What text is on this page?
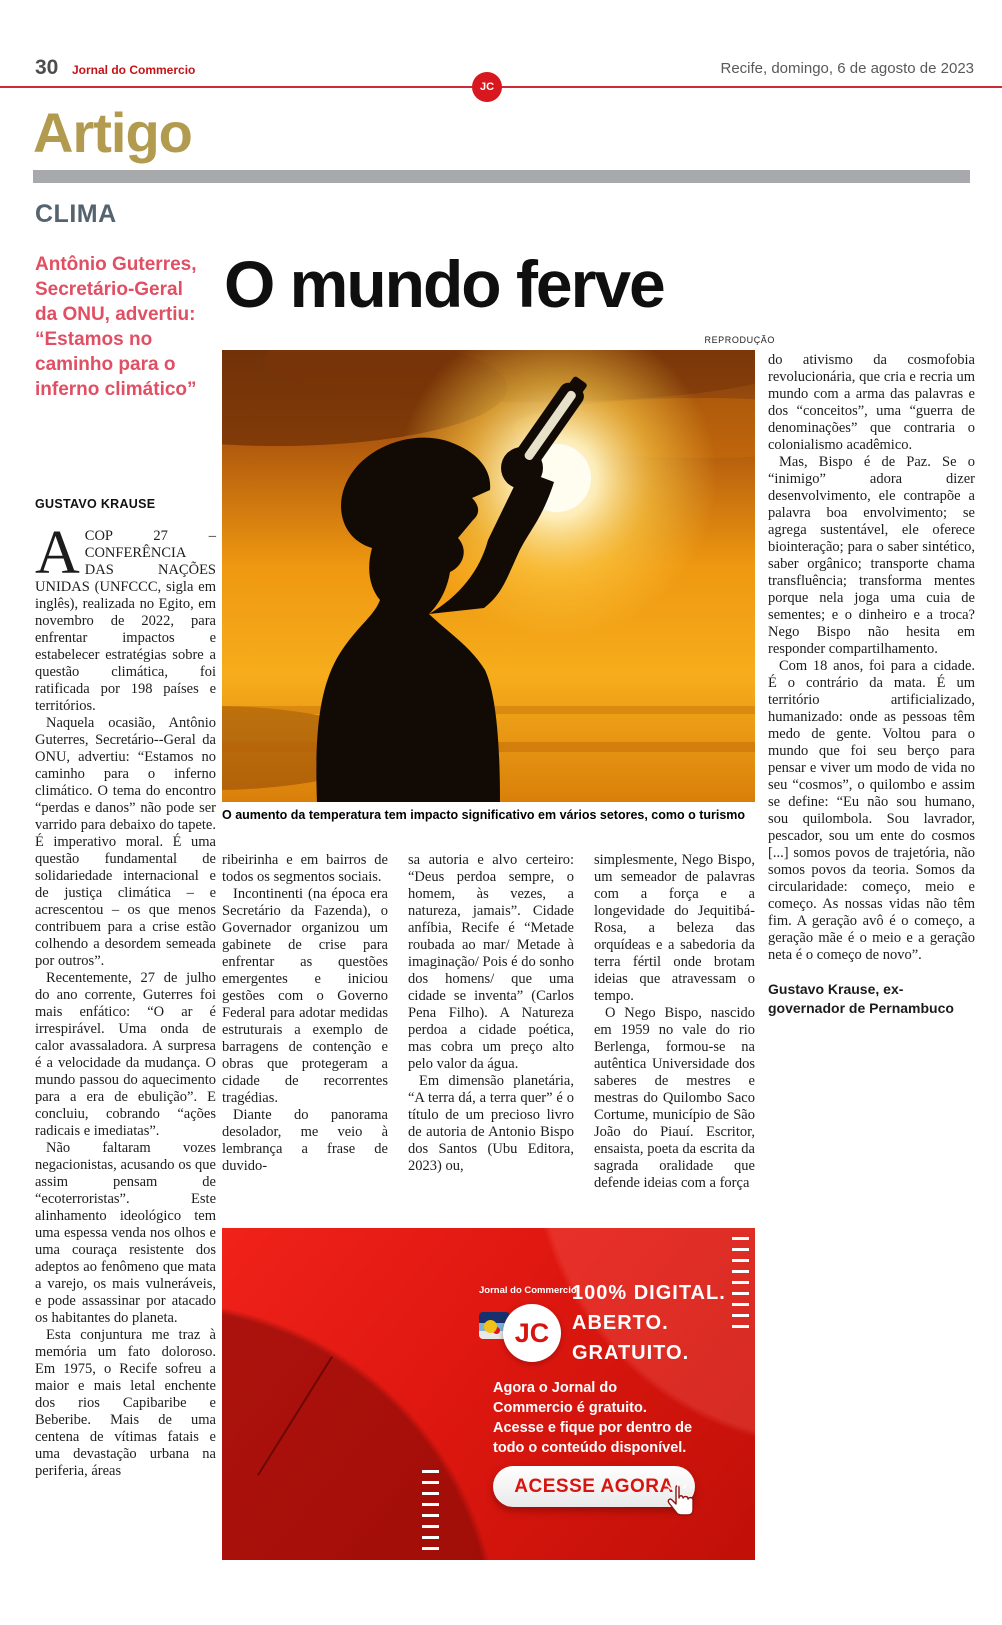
30 Jornal do Commercio	Recife, domingo, 6 de agosto de 2023
JC
Artigo
CLIMA

Antônio Guterres,

Secretário-Geral

da ONU, advertiu:

“Estamos no

caminho para o

inferno climático”

GUSTAVO KRAUSE
O mundo ferve
REPRODUÇÃO
O aumento da temperatura tem impacto significativo em vários setores, como o turismo

ACOP 27 – CONFERÊNCIA DAS NAÇÕES UNIDAS (UNFCCC, sigla em inglês), realizada no Egito, em novembro de 2022, para enfrentar impactos e estabelecer estratégias sobre a questão climática, foi ratificada por 198 países e territórios.

Naquela ocasião, Antônio Guterres, Secretário--Geral da ONU, advertiu: “Estamos no caminho para o inferno climático. O tema do encontro “perdas e danos” não pode ser varrido para debaixo do tapete. É imperativo moral. É uma questão fundamental de solidariedade internacional e de justiça climática – e acrescentou – os que menos contribuem para a crise estão colhendo a desordem semeada por outros”.

Recentemente, 27 de julho do ano corrente, Guterres foi mais enfático: “O ar é irrespirável. Uma onda de calor avassaladora. A surpresa é a velocidade da mudança. O mundo passou do aquecimento para a era de ebulição”. E concluiu, cobrando “ações radicais e imediatas”.

Não faltaram vozes negacionistas, acusando os que assim pensam de “ecoterroristas”. Este alinhamento ideológico tem uma espessa venda nos olhos e uma couraça resistente dos adeptos ao fenômeno que mata a varejo, os mais vulneráveis, e pode assassinar por atacado os habitantes do planeta.

Esta conjuntura me traz à memória um fato doloroso. Em 1975, o Recife sofreu a maior e mais letal enchente dos rios Capibaribe e Beberibe. Mais de uma centena de vítimas fatais e uma devastação urbana na periferia, áreas

ribeirinha e em bairros de todos os segmentos sociais.

Incontinenti (na época era Secretário da Fazenda), o Governador organizou um gabinete de crise para enfrentar as questões emergentes e iniciou gestões com o Governo Federal para adotar medidas estruturais a exemplo de barragens de contenção e obras que protegeram a cidade de recorrentes tragédias.

Diante do panorama desolador, me veio à lembrança a frase de duvido-

sa autoria e alvo certeiro: “Deus perdoa sempre, o homem, às vezes, a natureza, jamais”. Cidade anfíbia, Recife é “Metade roubada ao mar/ Metade à imaginação/ Pois é do sonho dos homens/ que uma cidade se inventa” (Carlos Pena Filho). A Natureza perdoa a cidade poética, mas cobra um preço alto pelo valor da água.

Em dimensão planetária, “A terra dá, a terra quer” é o título de um precioso livro de autoria de Antonio Bispo dos Santos (Ubu Editora, 2023) ou,

simplesmente, Nego Bispo, um semeador de palavras com a força e a longevidade do Jequitibá-Rosa, a beleza das orquídeas e a sabedoria da terra fértil onde brotam ideias que atravessam o tempo.

O Nego Bispo, nascido em 1959 no vale do rio Berlenga, formou-se na autêntica Universidade dos saberes de mestres e mestras do Quilombo Saco Cortume, município de São João do Piauí. Escritor, ensaista, poeta da escrita da sagrada oralidade que defende ideias com a força

do ativismo da cosmofobia revolucionária, que cria e recria um mundo com a arma das palavras e dos “conceitos”, uma “guerra de denominações” que contraria o colonialismo acadêmico.

Mas, Bispo é de Paz. Se o “inimigo” adora dizer desenvolvimento, ele contrapõe a palavra boa envolvimento; se agrega sustentável, ele oferece biointeração; para o saber sintético, saber orgânico; transporte chama transfluência; transforma mentes porque nela joga uma cuia de sementes; e o dinheiro e a troca? Nego Bispo não hesita em responder compartilhamento.

Com 18 anos, foi para a cidade. É o contrário da mata. É um território artificializado, humanizado: onde as pessoas têm medo de gente. Voltou para o mundo que foi seu berço para pensar e viver um modo de vida no seu “cosmos”, o quilombo e assim se define: “Eu não sou humano, sou quilombola. Sou lavrador, pescador, sou um ente do cosmos [...] somos povos de trajetória, não somos povos da teoria. Somos da circularidade: começo, meio e começo. As nossas vidas não têm fim. A geração avô é o começo, a geração mãe é o meio e a geração neta é o começo de novo”.

Gustavo Krause, ex-

governador de Pernambuco

Jornal do Commercio
JC

100% DIGITAL.

ABERTO.

GRATUITO.

Agora o Jornal do Commercio é gratuito. Acesse e fique por dentro de todo o conteúdo disponível.
ACESSE AGORA
